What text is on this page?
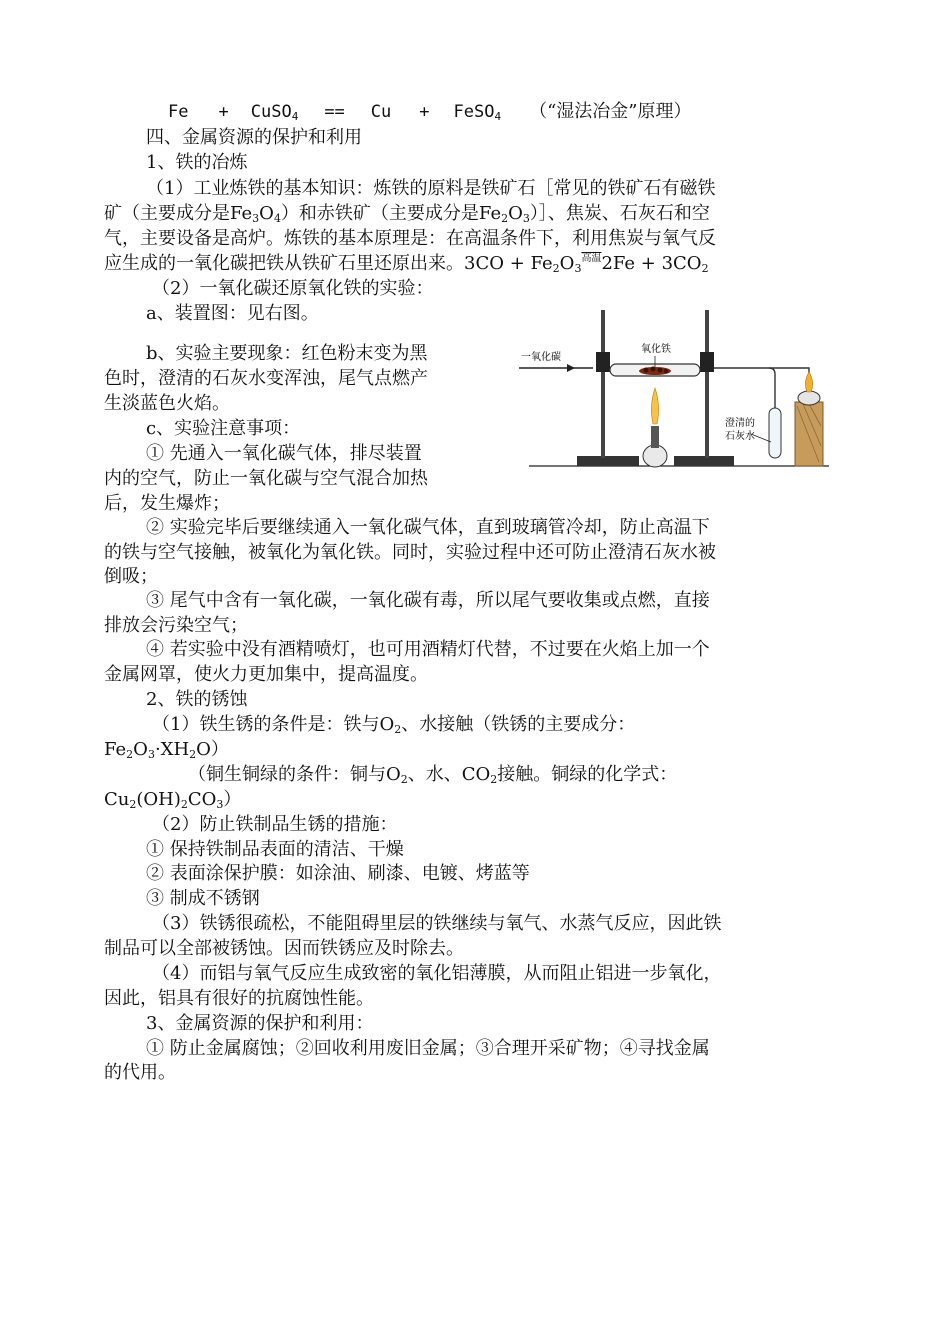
Fe + CuSO$_4$ == Cu + FeSO$_4$ （“湿法冶金”原理）
四、金属资源的保护和利用
1、铁的冶炼
（1）工业炼铁的基本知识：炼铁的原料是铁矿石［常见的铁矿石有磁铁
矿（主要成分是$Fe_3O_4$）和赤铁矿（主要成分是$Fe_2O_3)]$、焦炭、石灰石和空
气，主要设备是高炉。炼铁的基本原理是：在高温条件下，利用焦炭与氧气反
应生成的一氧化碳把铁从铁矿石里还原出来。$3CO + Fe_2O_3^{高温}2Fe + 3CO_2$
（2）一氧化碳还原氧化铁的实验：
a、装置图：见右图。
b、实验主要现象：红色粉末变为黑
色时，澄清的石灰水变浑浊，尾气点燃产
生淡蓝色火焰。
c、实验注意事项：
① 先通入一氧化碳气体，排尽装置
内的空气，防止一氧化碳与空气混合加热
后，发生爆炸；
② 实验完毕后要继续通入一氧化碳气体，直到玻璃管冷却，防止高温下
的铁与空气接触，被氧化为氧化铁。同时，实验过程中还可防止澄清石灰水被
倒吸；
③ 尾气中含有一氧化碳，一氧化碳有毒，所以尾气要收集或点燃，直接
排放会污染空气；
④ 若实验中没有酒精喷灯，也可用酒精灯代替，不过要在火焰上加一个
金属网罩，使火力更加集中，提高温度。
2、铁的锈蚀
（1）铁生锈的条件是：铁与$O_2$、水接触（铁锈的主要成分：
$Fe_2O_3\cdot XH_2O$）
（铜生铜绿的条件：铜与$O_2$、水、$CO_2$接触。铜绿的化学式：
$Cu_2(OH)_2CO_3$）
（2）防止铁制品生锈的措施：
① 保持铁制品表面的清洁、干燥
② 表面涂保护膜：如涂油、刷漆、电镀、烤蓝等
③ 制成不锈钢
（3）铁锈很疏松，不能阻碍里层的铁继续与氧气、水蒸气反应，因此铁
制品可以全部被锈蚀。因而铁锈应及时除去。
（4）而铝与氧气反应生成致密的氧化铝薄膜，从而阻止铝进一步氧化，
因此，铝具有很好的抗腐蚀性能。
3、金属资源的保护和利用：
① 防止金属腐蚀；②回收利用废旧金属；③合理开采矿物；④寻找金属
的代用。
一氧化碳
氧化铁
澄清的
石灰水
